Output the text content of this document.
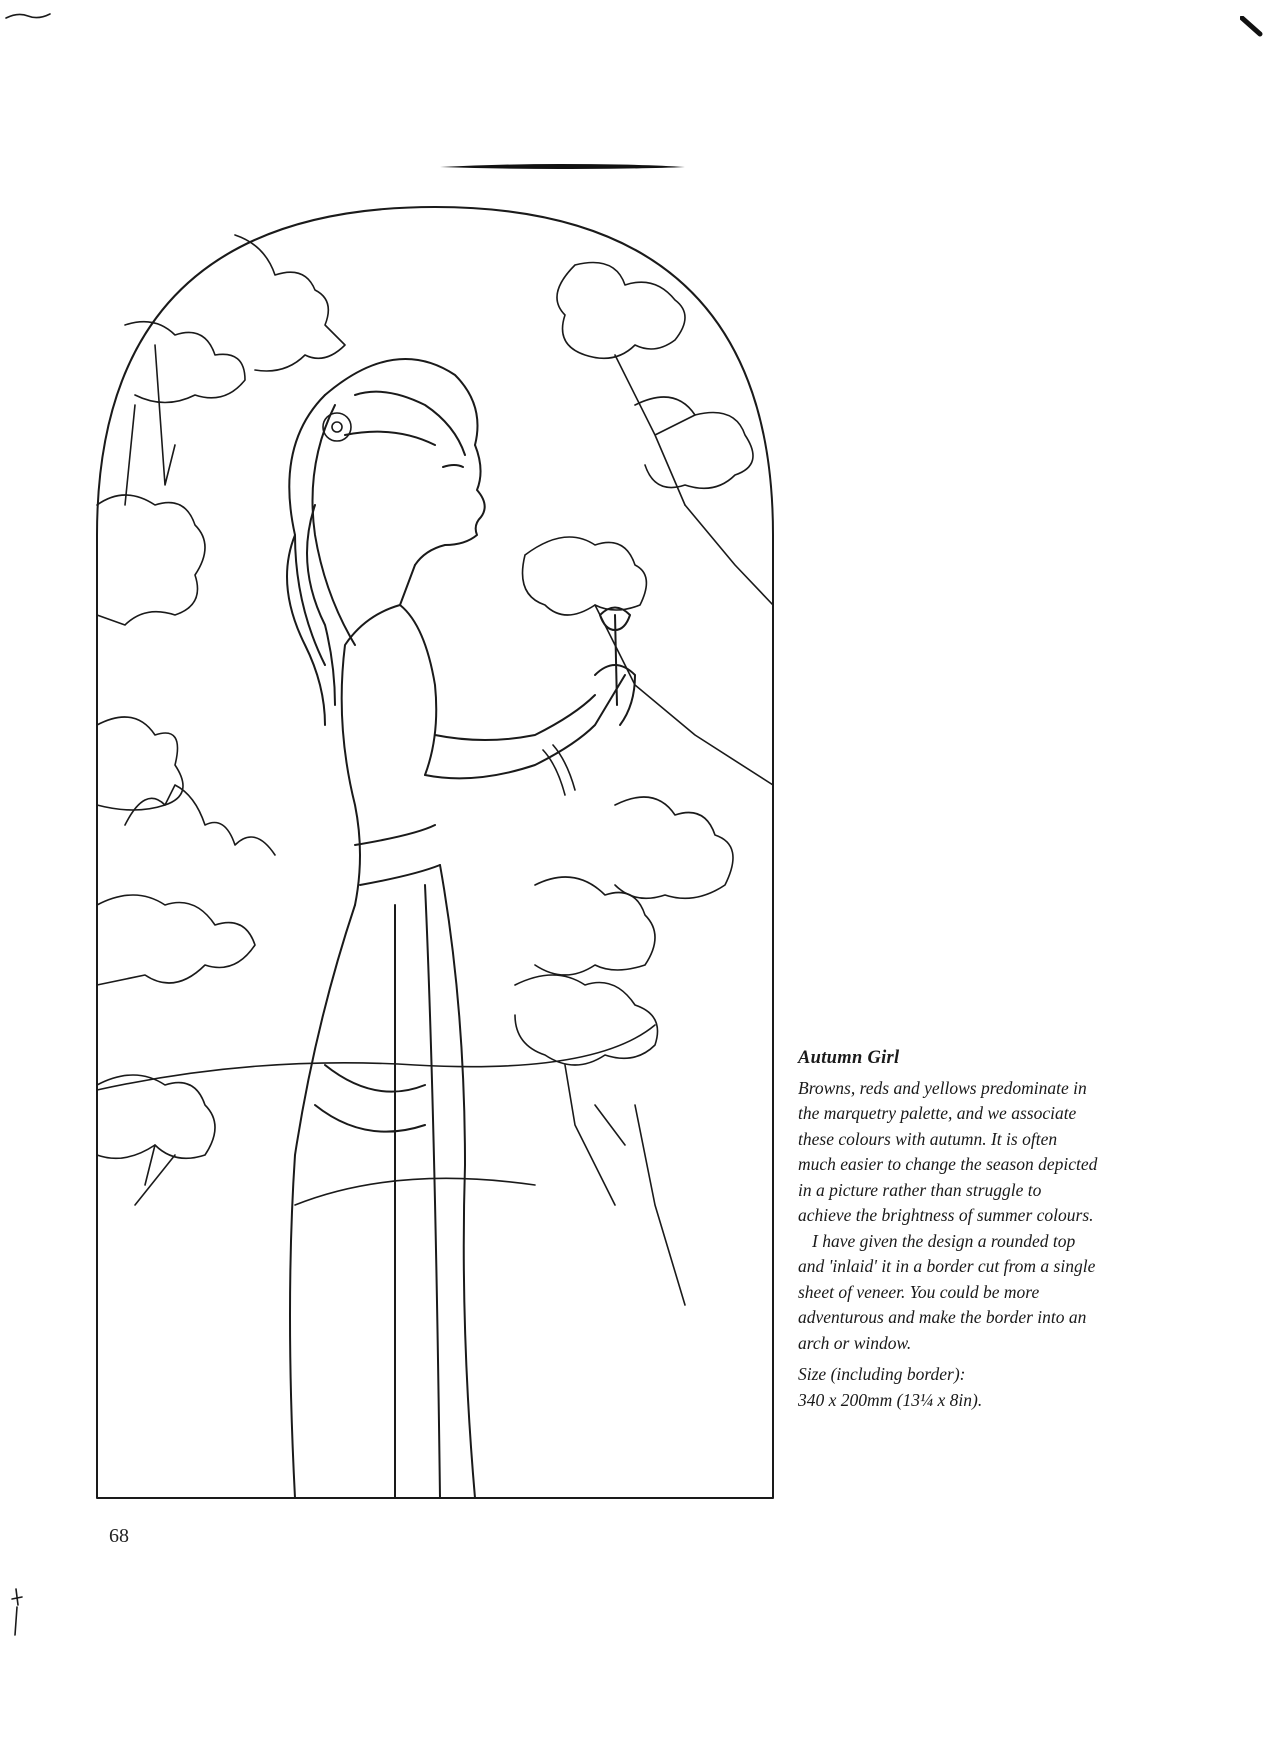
Autumn Girl

Browns, reds and yellows predominate in the marquetry palette, and we associate these colours with autumn. It is often much easier to change the season depicted in a picture rather than struggle to achieve the brightness of summer colours.

I have given the design a rounded top and 'inlaid' it in a border cut from a single sheet of veneer. You could be more adventurous and make the border into an arch or window.

Size (including border):
340 x 200mm (13¼ x 8in).
68
